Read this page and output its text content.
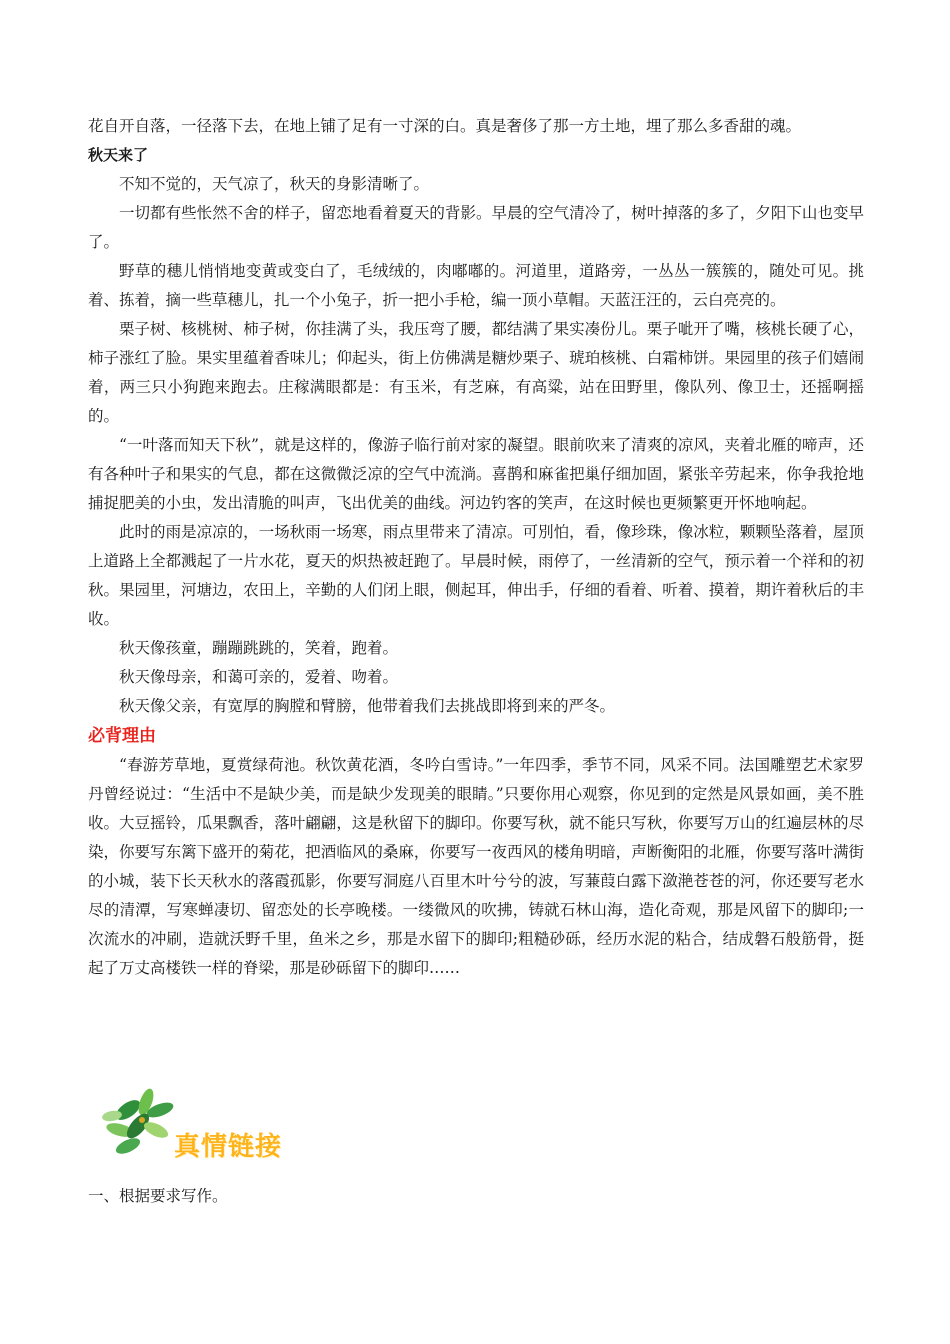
花自开自落，一径落下去，在地上铺了足有一寸深的白。真是奢侈了那一方土地，埋了那么多香甜的魂。

秋天来了

不知不觉的，天气凉了，秋天的身影清晰了。

一切都有些怅然不舍的样子，留恋地看着夏天的背影。早晨的空气清冷了，树叶掉落的多了，夕阳下山也变早了。

野草的穗儿悄悄地变黄或变白了，毛绒绒的，肉嘟嘟的。河道里，道路旁，一丛丛一簇簇的，随处可见。挑着、拣着，摘一些草穗儿，扎一个小兔子，折一把小手枪，编一顶小草帽。天蓝汪汪的，云白亮亮的。

栗子树、核桃树、柿子树，你挂满了头，我压弯了腰，都结满了果实凑份儿。栗子呲开了嘴，核桃长硬了心，柿子涨红了脸。果实里蕴着香味儿；仰起头，街上仿佛满是糖炒栗子、琥珀核桃、白霜柿饼。果园里的孩子们嬉闹着，两三只小狗跑来跑去。庄稼满眼都是：有玉米，有芝麻，有高粱，站在田野里，像队列、像卫士，还摇啊摇的。

“一叶落而知天下秋”，就是这样的，像游子临行前对家的凝望。眼前吹来了清爽的凉风，夹着北雁的啼声，还有各种叶子和果实的气息，都在这微微泛凉的空气中流淌。喜鹊和麻雀把巢仔细加固，紧张辛劳起来，你争我抢地捕捉肥美的小虫，发出清脆的叫声，飞出优美的曲线。河边钓客的笑声，在这时候也更频繁更开怀地响起。

此时的雨是凉凉的，一场秋雨一场寒，雨点里带来了清凉。可別怕，看，像珍珠，像冰粒，颗颗坠落着，屋顶上道路上全都溅起了一片水花，夏天的炽热被赶跑了。早晨时候，雨停了，一丝清新的空气，预示着一个祥和的初秋。果园里，河塘边，农田上，辛勤的人们闭上眼，侧起耳，伸出手，仔细的看着、听着、摸着，期许着秋后的丰收。

秋天像孩童，蹦蹦跳跳的，笑着，跑着。

秋天像母亲，和蔼可亲的，爱着、吻着。

秋天像父亲，有宽厚的胸膛和臂膀，他带着我们去挑战即将到来的严冬。

必背理由

“春游芳草地，夏赏绿荷池。秋饮黄花酒，冬吟白雪诗。”一年四季，季节不同，风采不同。法国雕塑艺术家罗丹曾经说过：“生活中不是缺少美，而是缺少发现美的眼睛。”只要你用心观察，你见到的定然是风景如画，美不胜收。大豆摇铃，瓜果飘香，落叶翩翩，这是秋留下的脚印。你要写秋，就不能只写秋，你要写万山的红遍层林的尽染，你要写东篱下盛开的菊花，把酒临风的桑麻，你要写一夜西风的楼角明暗，声断衡阳的北雁，你要写落叶满街的小城，装下长天秋水的落霞孤影，你要写洞庭八百里木叶兮兮的波，写蒹葭白露下潋滟苍苍的河，你还要写老水尽的清潭，写寒蝉凄切、留恋处的长亭晚楼。一缕微风的吹拂，铸就石林山海，造化奇观，那是风留下的脚印;一次流水的冲刷，造就沃野千里，鱼米之乡，那是水留下的脚印;粗糙砂砾，经历水泥的粘合，结成磐石般筋骨，挺起了万丈高楼铁一样的脊梁，那是砂砾留下的脚印……

真情链接

一、根据要求写作。
